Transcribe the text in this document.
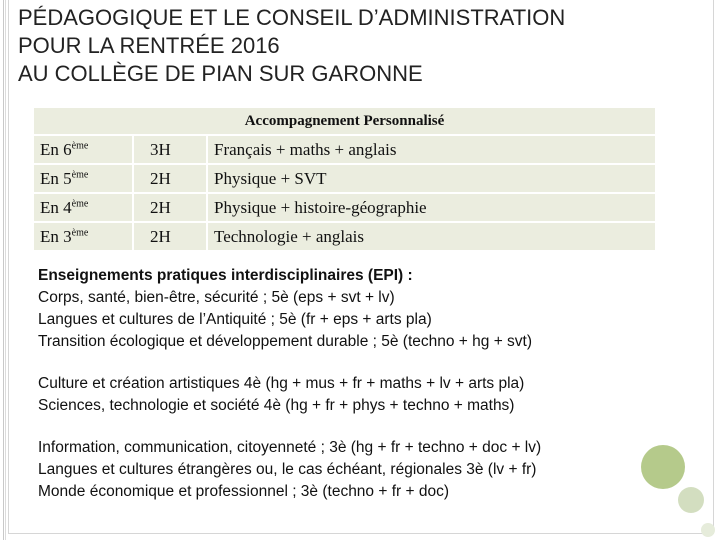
PÉDAGOGIQUE ET LE CONSEIL D’ADMINISTRATION
POUR LA RENTRÉE 2016
AU COLLÈGE DE PIAN SUR GARONNE
Accompagnement Personnalisé		
En 6ème	3H	Français + maths + anglais
En 5ème	2H	Physique + SVT
En 4ème	2H	Physique + histoire-géographie
En 3ème	2H	Technologie + anglais
Enseignements pratiques interdisciplinaires (EPI) :
Corps, santé, bien-être, sécurité ; 5è (eps + svt + lv)
Langues et cultures de l’Antiquité ; 5è (fr + eps + arts pla)
Transition écologique et développement durable ; 5è (techno + hg + svt)
Culture et création artistiques 4è (hg + mus + fr + maths + lv + arts pla)
Sciences, technologie et société 4è (hg + fr + phys + techno + maths)
Information, communication, citoyenneté ; 3è (hg + fr + techno + doc + lv)
Langues et cultures étrangères ou, le cas échéant, régionales 3è (lv + fr)
Monde économique et professionnel ; 3è (techno + fr + doc)
